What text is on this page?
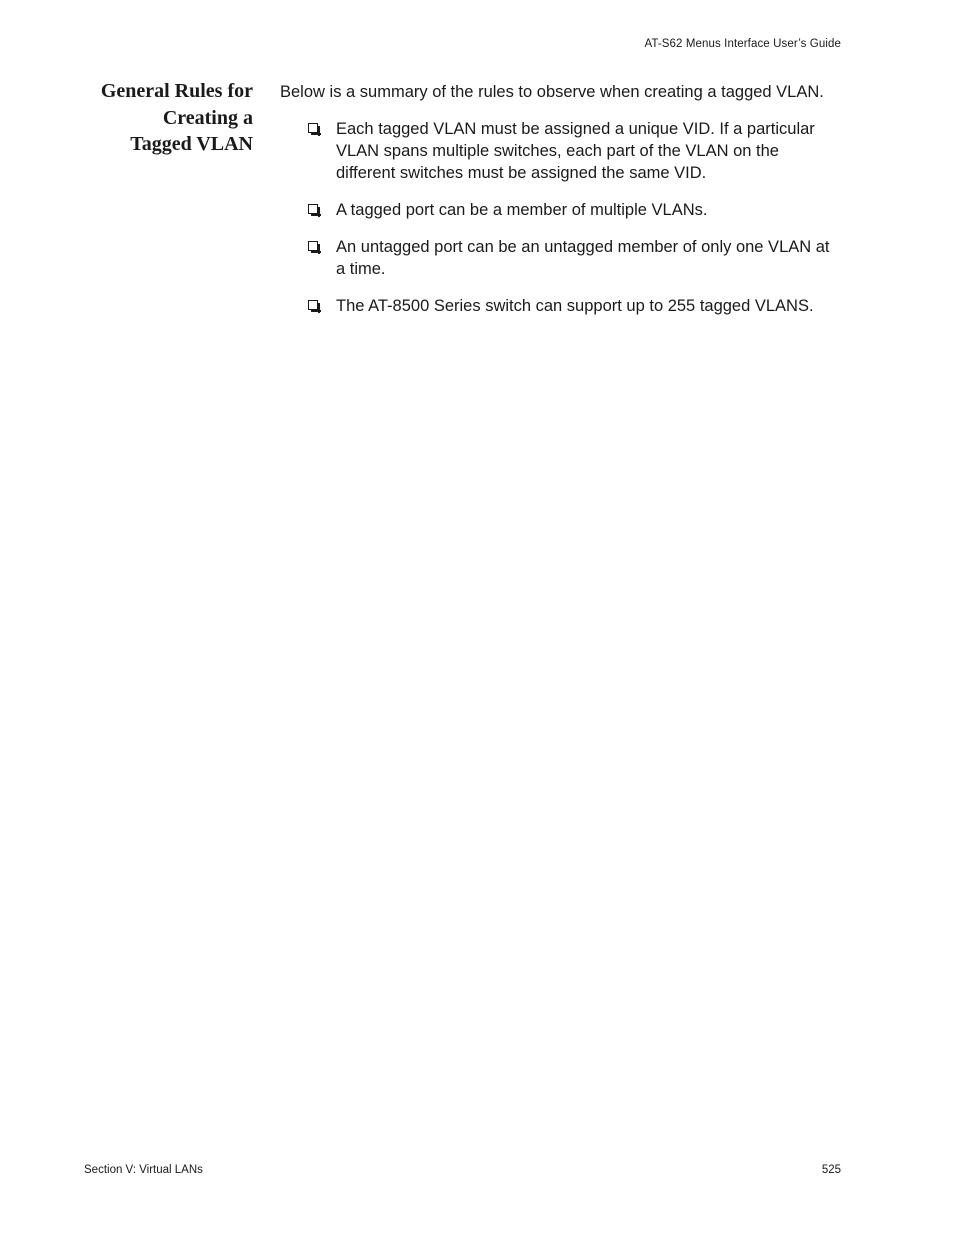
AT-S62 Menus Interface User’s Guide
General Rules for
Creating a
Tagged VLAN

Below is a summary of the rules to observe when creating a tagged VLAN.

Each tagged VLAN must be assigned a unique VID. If a particular VLAN spans multiple switches, each part of the VLAN on the different switches must be assigned the same VID.
A tagged port can be a member of multiple VLANs.
An untagged port can be an untagged member of only one VLAN at a time.
The AT-8500 Series switch can support up to 255 tagged VLANS.
Section V: Virtual LANs	525
